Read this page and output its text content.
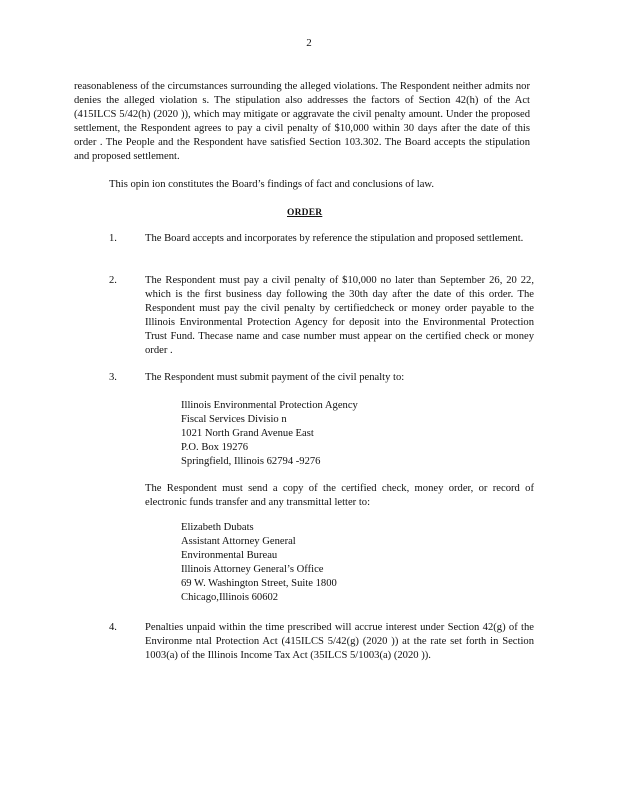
2
reasonableness of the circumstances surrounding the alleged violations. The Respondent neither admits nor denies the alleged violation s. The stipulation also addresses the factors of Section 42(h) of the Act (415ILCS 5/42(h) (2020 )), which may mitigate or aggravate the civil penalty amount. Under the proposed settlement, the Respondent agrees to pay a civil penalty of $10,000 within 30 days after the date of this order . The People and the Respondent have satisfied Section 103.302. The Board accepts the stipulation and proposed settlement.
This opin ion constitutes the Board’s findings of fact and conclusions of law.
ORDER
1.	The Board accepts and incorporates by reference the stipulation and proposed settlement.
2.	The Respondent must pay a civil penalty of $10,000 no later than September 26, 20 22, which is the first business day following the 30th day after the date of this order. The Respondent must pay the civil penalty by certifiedcheck or money order payable to the Illinois Environmental Protection Agency for deposit into the Environmental Protection Trust Fund. Thecase name and case number must appear on the certified check or money order .
3.	The Respondent must submit payment of the civil penalty to:
Illinois Environmental Protection Agency
Fiscal Services Divisio n
1021 North Grand Avenue East
P.O. Box 19276
Springfield, Illinois 62794 -9276
The Respondent must send a copy of the certified check, money order, or record of electronic funds transfer and any transmittal letter to:
Elizabeth Dubats
Assistant Attorney General
Environmental Bureau
Illinois Attorney General’s Office
69 W. Washington Street, Suite 1800
Chicago,Illinois 60602
4.	Penalties unpaid within the time prescribed will accrue interest under Section 42(g) of the Environme ntal Protection Act (415ILCS 5/42(g) (2020 )) at the rate set forth in Section 1003(a) of the Illinois Income Tax Act (35ILCS 5/1003(a) (2020 )).
